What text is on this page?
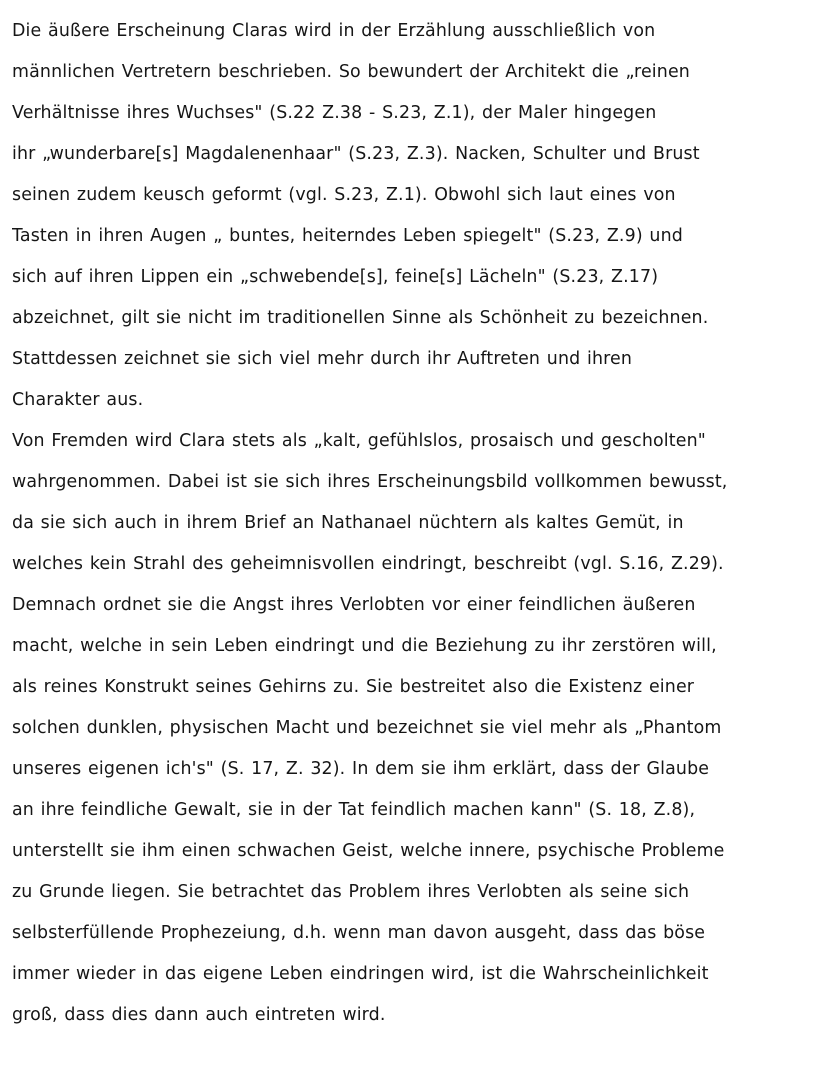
Die äußere Erscheinung Claras wird in der Erzählung ausschließlich von
männlichen Vertretern beschrieben. So bewundert der Architekt die „reinen
Verhältnisse ihres Wuchses" (S.22 Z.38 - S.23, Z.1), der Maler hingegen
ihr „wunderbare[s] Magdalenenhaar" (S.23, Z.3). Nacken, Schulter und Brust
seinen zudem keusch geformt (vgl. S.23, Z.1). Obwohl sich laut eines von
Tasten in ihren Augen „ buntes, heiterndes Leben spiegelt" (S.23, Z.9) und
sich auf ihren Lippen ein „schwebende[s], feine[s] Lächeln" (S.23, Z.17)
abzeichnet, gilt sie nicht im traditionellen Sinne als Schönheit zu bezeichnen.
Stattdessen zeichnet sie sich viel mehr durch ihr Auftreten und ihren
Charakter aus.
Von Fremden wird Clara stets als „kalt, gefühlslos, prosaisch und gescholten"
wahrgenommen. Dabei ist sie sich ihres Erscheinungsbild vollkommen bewusst,
da sie sich auch in ihrem Brief an Nathanael nüchtern als kaltes Gemüt, in
welches kein Strahl des geheimnisvollen eindringt, beschreibt (vgl. S.16, Z.29).
Demnach ordnet sie die Angst ihres Verlobten vor einer feindlichen äußeren
macht, welche in sein Leben eindringt und die Beziehung zu ihr zerstören will,
als reines Konstrukt seines Gehirns zu. Sie bestreitet also die Existenz einer
solchen dunklen, physischen Macht und bezeichnet sie viel mehr als „Phantom
unseres eigenen ich's" (S. 17, Z. 32). In dem sie ihm erklärt, dass der Glaube
an ihre feindliche Gewalt, sie in der Tat feindlich machen kann" (S. 18, Z.8),
unterstellt sie ihm einen schwachen Geist, welche innere, psychische Probleme
zu Grunde liegen. Sie betrachtet das Problem ihres Verlobten als seine sich
selbsterfüllende Prophezeiung, d.h. wenn man davon ausgeht, dass das böse
immer wieder in das eigene Leben eindringen wird, ist die Wahrscheinlichkeit
groß, dass dies dann auch eintreten wird.
